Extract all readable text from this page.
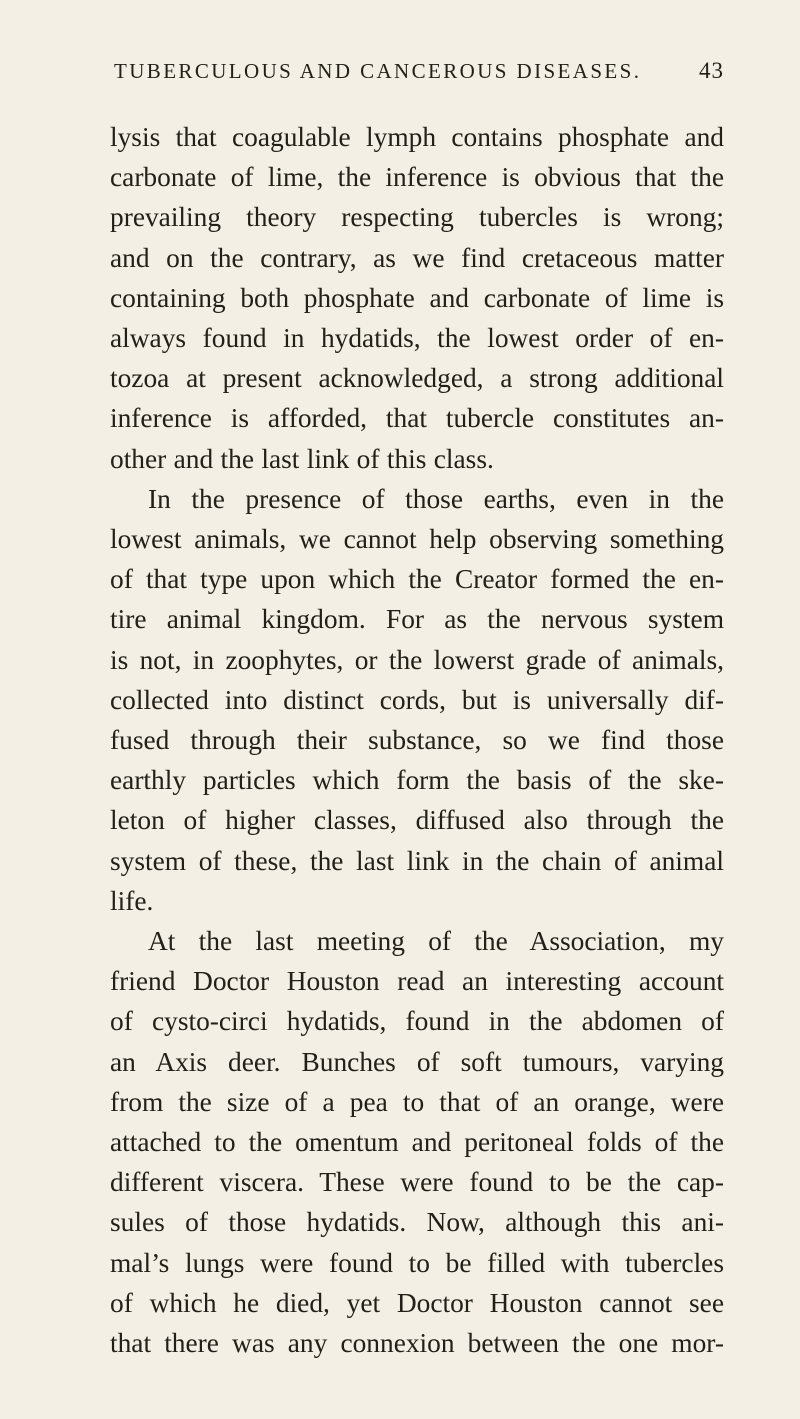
TUBERCULOUS AND CANCEROUS DISEASES.	43

lysis that coagulable lymph contains phosphate and

carbonate of lime, the inference is obvious that the

prevailing theory respecting tubercles is wrong;

and on the contrary, as we find cretaceous matter

containing both phosphate and carbonate of lime is

always found in hydatids, the lowest order of en-

tozoa at present acknowledged, a strong additional

inference is afforded, that tubercle constitutes an-

other and the last link of this class.

In the presence of those earths, even in the

lowest animals, we cannot help observing something

of that type upon which the Creator formed the en-

tire animal kingdom. For as the nervous system

is not, in zoophytes, or the lowerst grade of animals,

collected into distinct cords, but is universally dif-

fused through their substance, so we find those

earthly particles which form the basis of the ske-

leton of higher classes, diffused also through the

system of these, the last link in the chain of animal

life.

At the last meeting of the Association, my

friend Doctor Houston read an interesting account

of cysto-circi hydatids, found in the abdomen of

an Axis deer. Bunches of soft tumours, varying

from the size of a pea to that of an orange, were

attached to the omentum and peritoneal folds of the

different viscera. These were found to be the cap-

sules of those hydatids. Now, although this ani-

mal’s lungs were found to be filled with tubercles

of which he died, yet Doctor Houston cannot see

that there was any connexion between the one mor-
